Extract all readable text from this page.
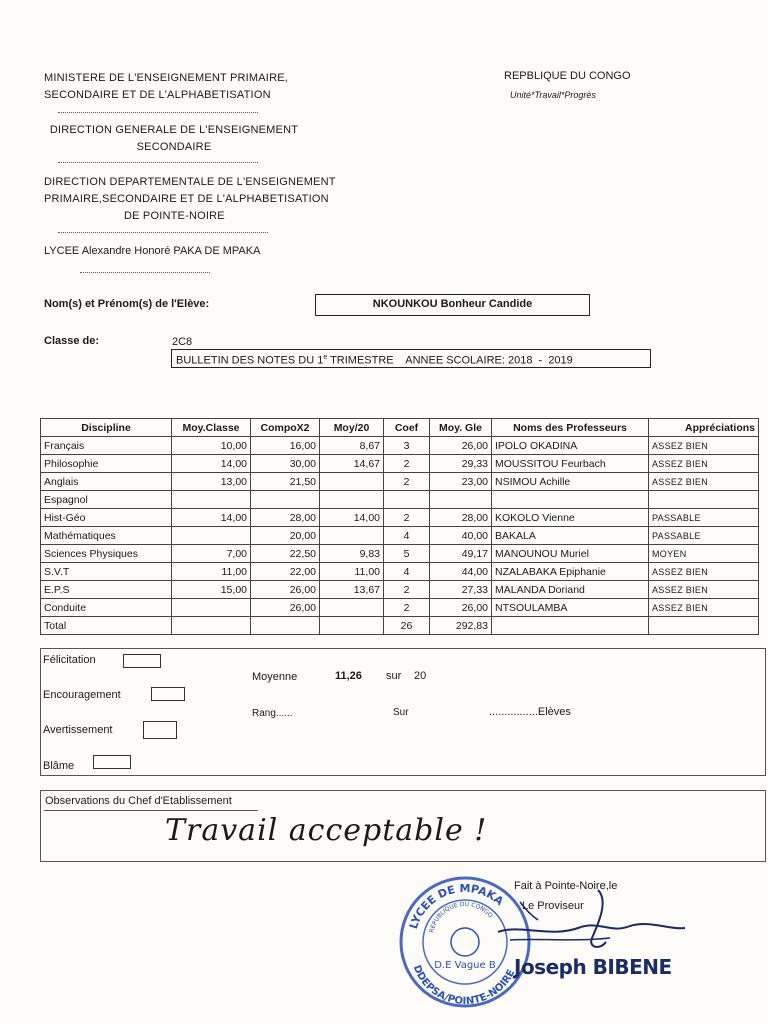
MINISTERE DE L'ENSEIGNEMENT PRIMAIRE,
SECONDAIRE ET DE L'ALPHABETISATION
DIRECTION GENERALE DE L'ENSEIGNEMENT
SECONDAIRE
DIRECTION DEPARTEMENTALE DE L'ENSEIGNEMENT
PRIMAIRE,SECONDAIRE ET DE L'ALPHABETISATION
DE POINTE-NOIRE
LYCEE Alexandre Honoré PAKA DE MPAKA
REPBLIQUE DU CONGO
Unité*Travail*Progrès
Nom(s) et Prénom(s) de l'Elève:	NKOUNKOU Bonheur Candide
Classe de:	2C8
BULLETIN DES NOTES DU 1e TRIMESTRE    ANNEE SCOLAIRE: 2018  -  2019
Discipline	Moy.Classe	CompoX2	Moy/20	Coef	Moy. Gle	Noms des Professeurs	Appréciations
Français	10,00	16,00	8,67	3	26,00	IPOLO OKADINA	ASSEZ BIEN
Philosophie	14,00	30,00	14,67	2	29,33	MOUSSITOU Feurbach	ASSEZ BIEN
Anglais	13,00	21,50		2	23,00	NSIMOU Achille	ASSEZ BIEN
Espagnol							
Hist-Géo	14,00	28,00	14,00	2	28,00	KOKOLO Vienne	PASSABLE
Mathématiques		20,00		4	40,00	BAKALA	PASSABLE
Sciences Physiques	7,00	22,50	9,83	5	49,17	MANOUNOU Muriel	MOYEN
S.V.T	11,00	22,00	11,00	4	44,00	NZALABAKA Epiphanie	ASSEZ BIEN
E.P.S	15,00	26,00	13,67	2	27,33	MALANDA Doriand	ASSEZ BIEN
Conduite		26,00		2	26,00	NTSOULAMBA	ASSEZ BIEN
Total				26	292,83		
Félicitation
Encouragement
Avertissement
Blâme
Moyenne	11,26 sur 20
Rang......	Sur	................Elèves
Observations du Chef d'Etablissement
Travail acceptable !
Fait à Pointe-Noire,le
Le Proviseur
LYCEE DE MPAKA
DDEPSA/POINTE-NOIRE
REPUBLIQUE DU CONGO
D.E Vague B Joseph BIBENE
